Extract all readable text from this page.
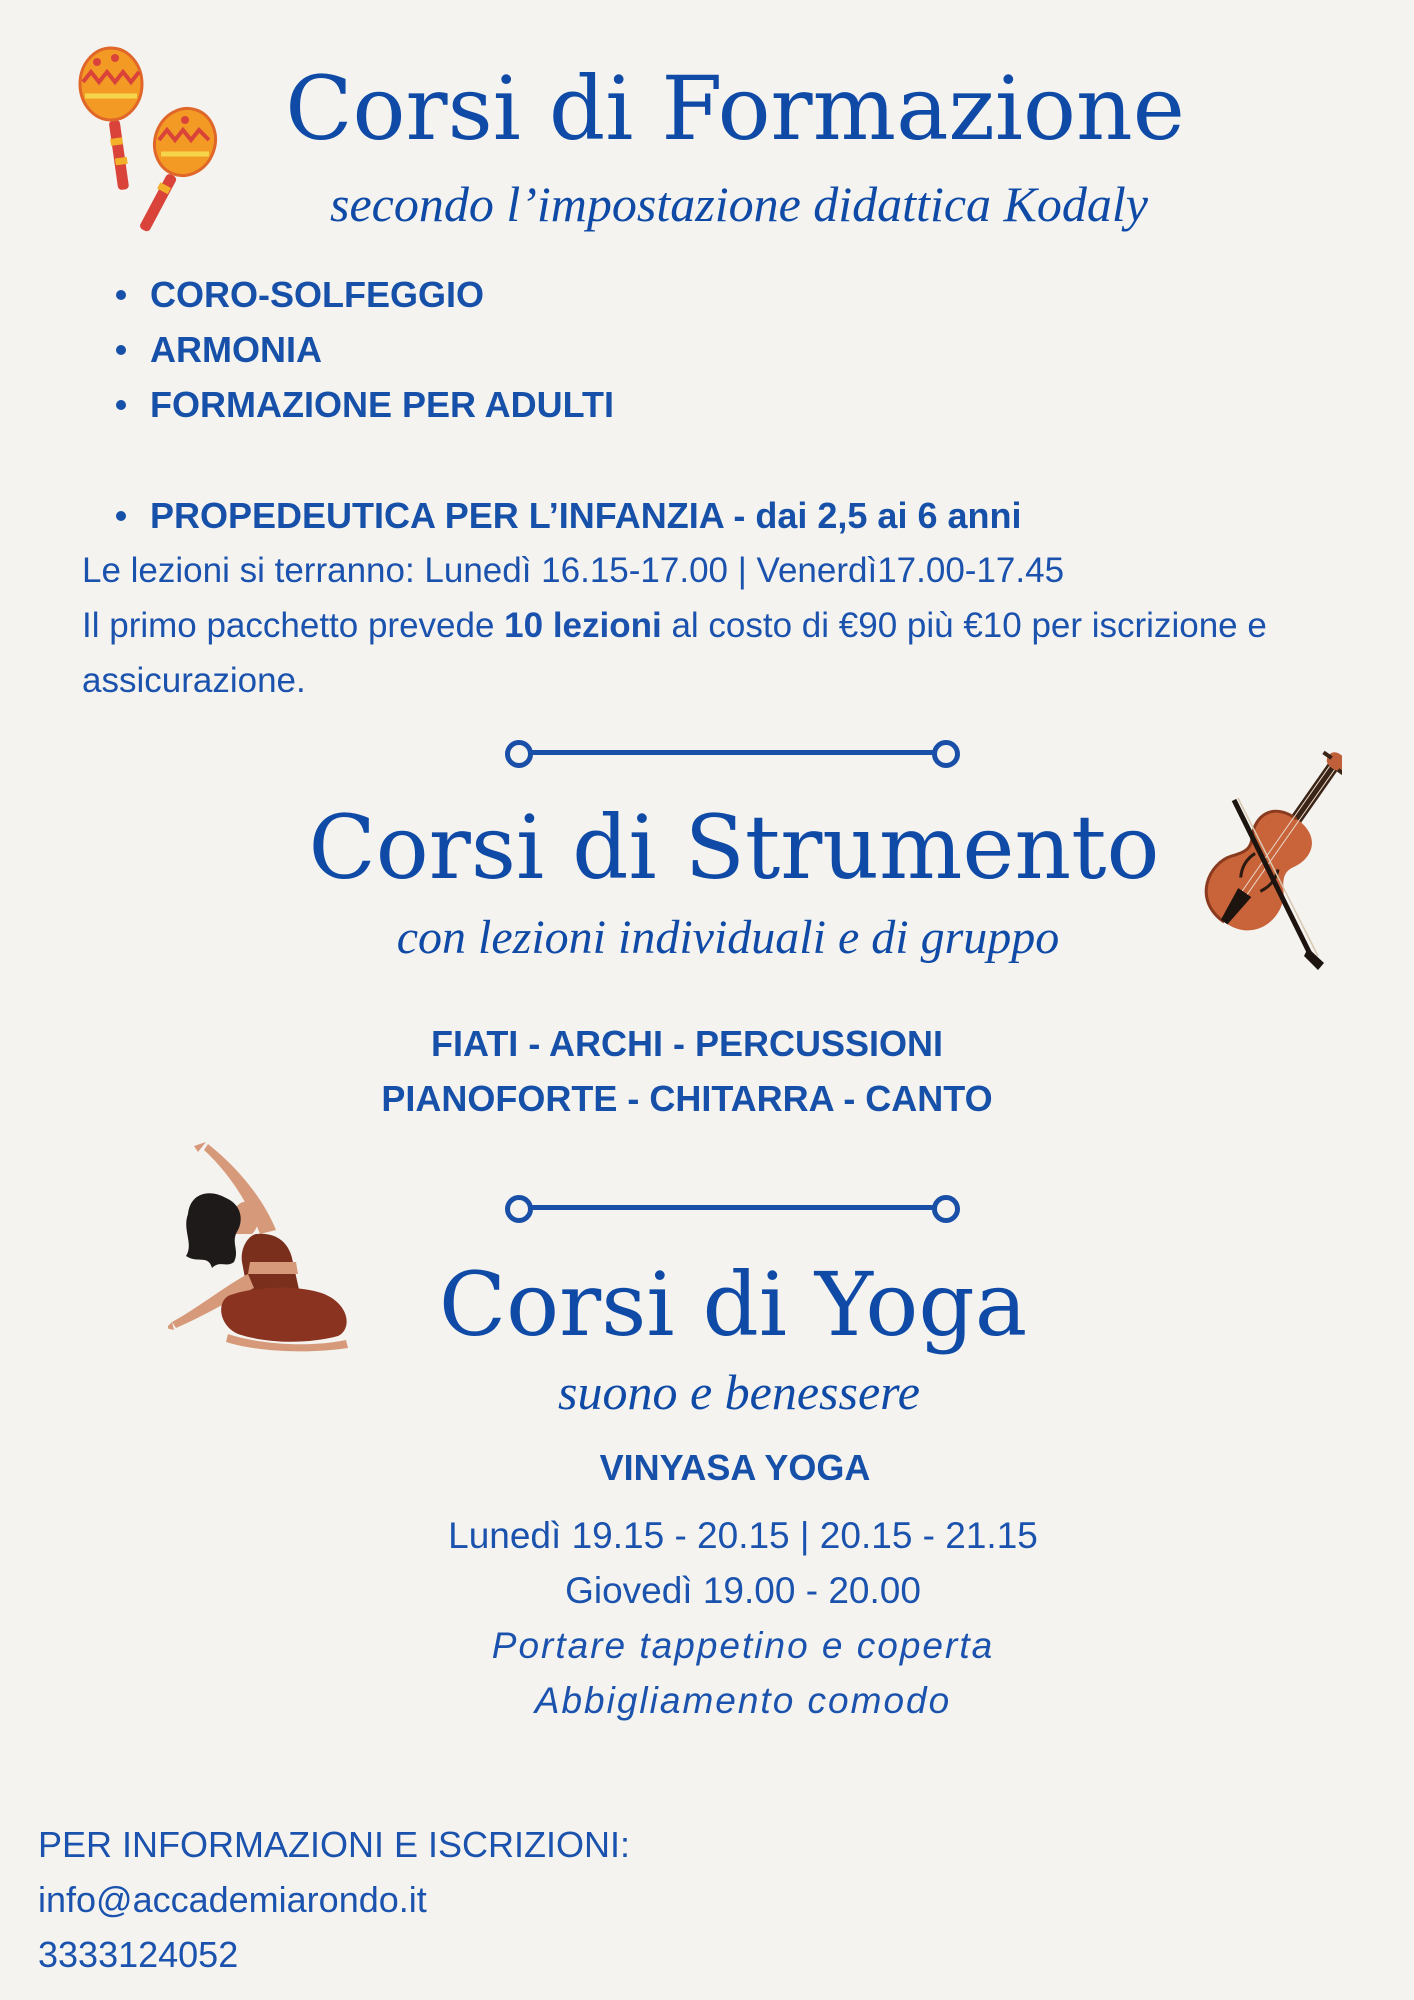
Corsi di Formazione
secondo l’impostazione didattica Kodaly
CORO-SOLFEGGIO
ARMONIA
FORMAZIONE PER ADULTI
PROPEDEUTICA PER L’INFANZIA - dai 2,5 ai 6 anni
Le lezioni si terranno: Lunedì 16.15-17.00 | Venerdì17.00-17.45
Il primo pacchetto prevede 10 lezioni al costo di €90 più €10 per iscrizione e assicurazione.
Corsi di Strumento
con lezioni individuali e di gruppo
FIATI - ARCHI - PERCUSSIONI
PIANOFORTE - CHITARRA - CANTO
Corsi di Yoga
suono e benessere
VINYASA YOGA
Lunedì 19.15 - 20.15 | 20.15 - 21.15
Giovedì 19.00 - 20.00
Portare tappetino e coperta
Abbigliamento comodo
PER INFORMAZIONI E ISCRIZIONI:
info@accademiarondo.it
3333124052
